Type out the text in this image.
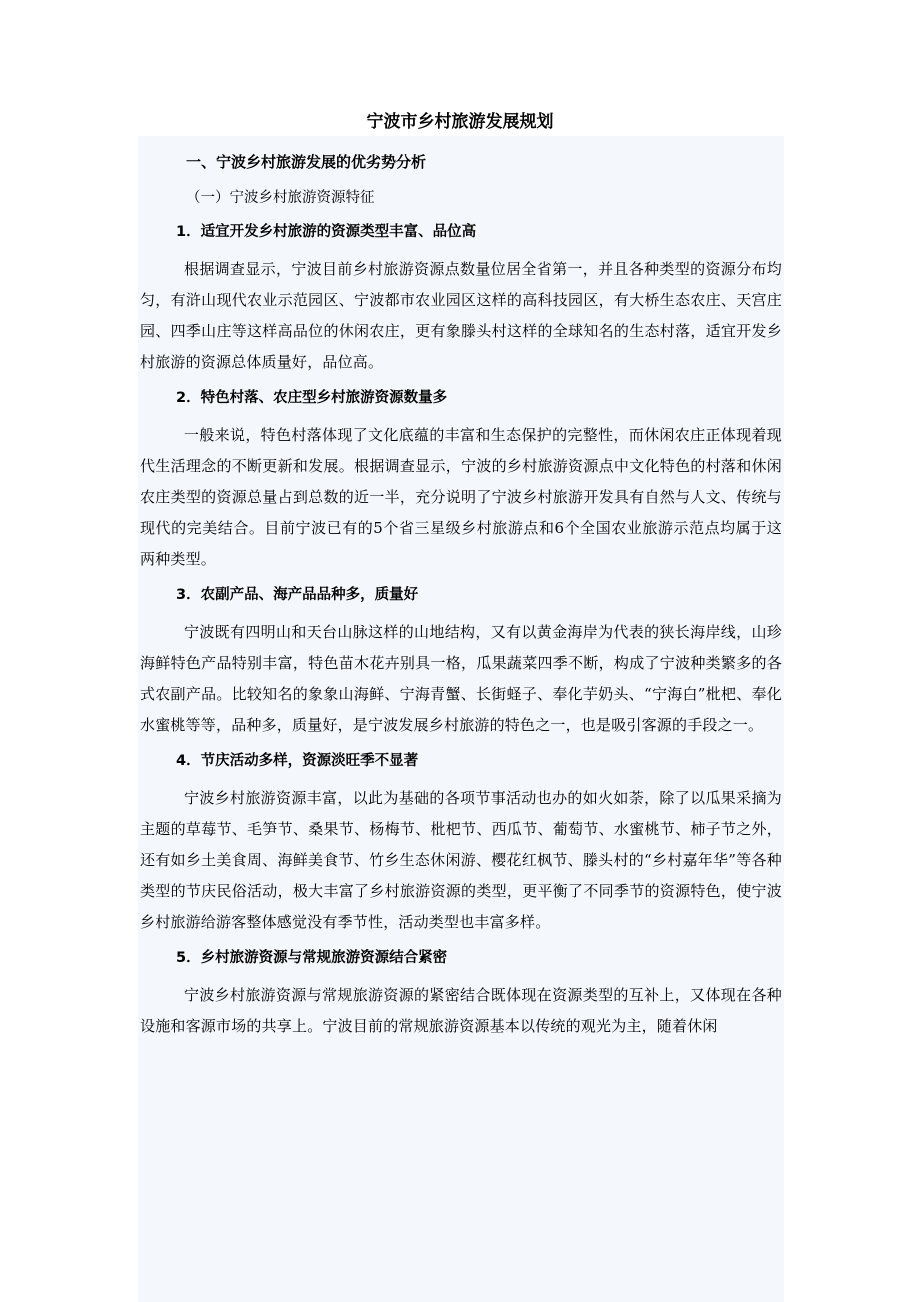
宁波市乡村旅游发展规划
一、宁波乡村旅游发展的优劣势分析
（一）宁波乡村旅游资源特征
1．适宜开发乡村旅游的资源类型丰富、品位高
根据调查显示，宁波目前乡村旅游资源点数量位居全省第一，并且各种类型的资源分布均匀，有浒山现代农业示范园区、宁波都市农业园区这样的高科技园区，有大桥生态农庄、天宫庄园、四季山庄等这样高品位的休闲农庄，更有象滕头村这样的全球知名的生态村落，适宜开发乡村旅游的资源总体质量好，品位高。
2．特色村落、农庄型乡村旅游资源数量多
一般来说，特色村落体现了文化底蕴的丰富和生态保护的完整性，而休闲农庄正体现着现代生活理念的不断更新和发展。根据调查显示，宁波的乡村旅游资源点中文化特色的村落和休闲农庄类型的资源总量占到总数的近一半，充分说明了宁波乡村旅游开发具有自然与人文、传统与现代的完美结合。目前宁波已有的5个省三星级乡村旅游点和6个全国农业旅游示范点均属于这两种类型。
3．农副产品、海产品品种多，质量好
宁波既有四明山和天台山脉这样的山地结构，又有以黄金海岸为代表的狭长海岸线，山珍海鲜特色产品特别丰富，特色苗木花卉别具一格，瓜果蔬菜四季不断，构成了宁波种类繁多的各式农副产品。比较知名的象象山海鲜、宁海青蟹、长街蛏子、奉化芋奶头、“宁海白”枇杷、奉化水蜜桃等等，品种多，质量好，是宁波发展乡村旅游的特色之一，也是吸引客源的手段之一。
4．节庆活动多样，资源淡旺季不显著
宁波乡村旅游资源丰富，以此为基础的各项节事活动也办的如火如荼，除了以瓜果采摘为主题的草莓节、毛笋节、桑果节、杨梅节、枇杷节、西瓜节、葡萄节、水蜜桃节、柿子节之外，还有如乡土美食周、海鲜美食节、竹乡生态休闲游、樱花红枫节、滕头村的“乡村嘉年华”等各种类型的节庆民俗活动，极大丰富了乡村旅游资源的类型，更平衡了不同季节的资源特色，使宁波乡村旅游给游客整体感觉没有季节性，活动类型也丰富多样。
5．乡村旅游资源与常规旅游资源结合紧密
宁波乡村旅游资源与常规旅游资源的紧密结合既体现在资源类型的互补上，又体现在各种设施和客源市场的共享上。宁波目前的常规旅游资源基本以传统的观光为主，随着休闲
